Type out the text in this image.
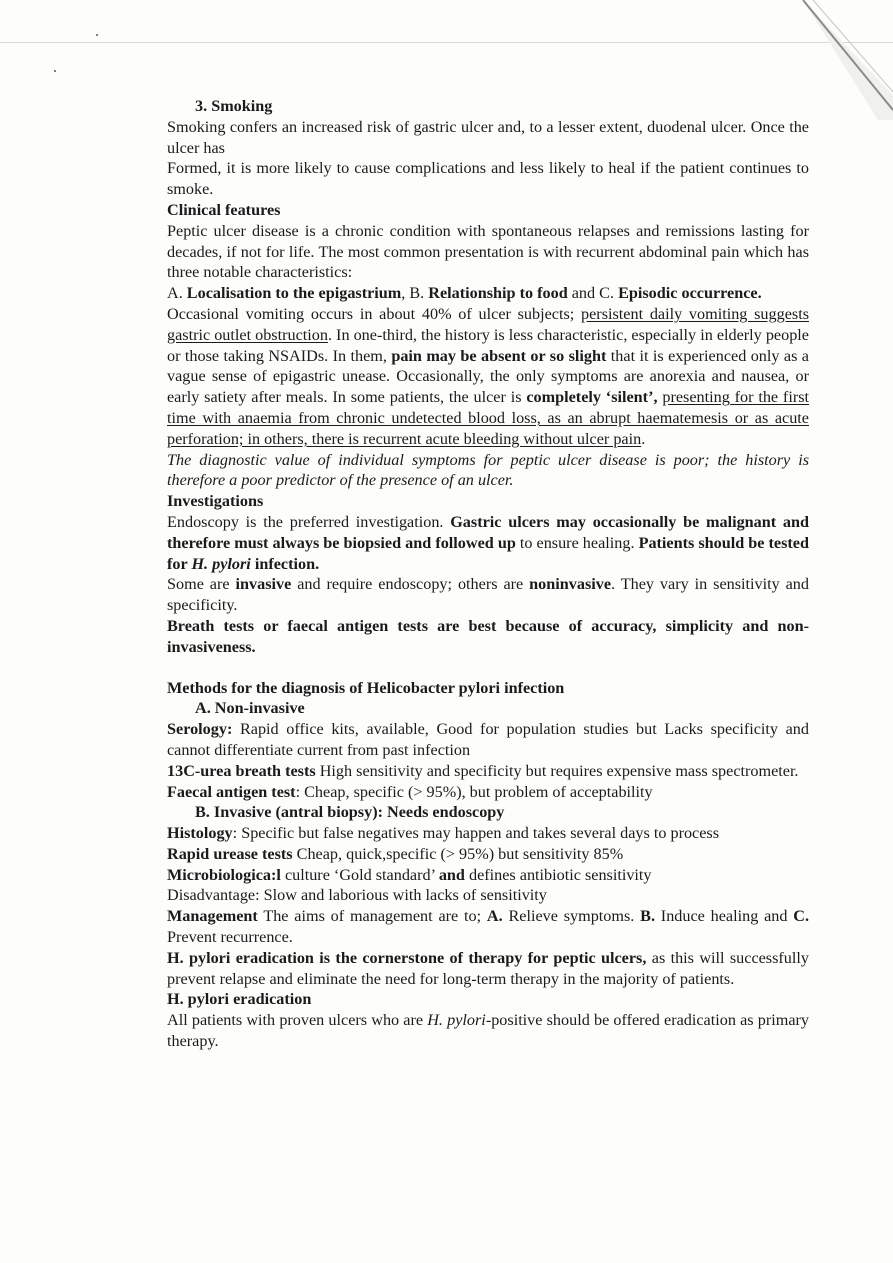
3. Smoking

Smoking confers an increased risk of gastric ulcer and, to a lesser extent, duodenal ulcer. Once the ulcer has

Formed, it is more likely to cause complications and less likely to heal if the patient continues to smoke.

Clinical features

Peptic ulcer disease is a chronic condition with spontaneous relapses and remissions lasting for decades, if not for life. The most common presentation is with recurrent abdominal pain which has three notable characteristics:

A. Localisation to the epigastrium, B. Relationship to food and C. Episodic occurrence.

Occasional vomiting occurs in about 40% of ulcer subjects; persistent daily vomiting suggests gastric outlet obstruction. In one-third, the history is less characteristic, especially in elderly people or those taking NSAIDs. In them, pain may be absent or so slight that it is experienced only as a vague sense of epigastric unease. Occasionally, the only symptoms are anorexia and nausea, or early satiety after meals. In some patients, the ulcer is completely ‘silent’, presenting for the first time with anaemia from chronic undetected blood loss, as an abrupt haematemesis or as acute perforation; in others, there is recurrent acute bleeding without ulcer pain.

The diagnostic value of individual symptoms for peptic ulcer disease is poor; the history is therefore a poor predictor of the presence of an ulcer.

Investigations

Endoscopy is the preferred investigation. Gastric ulcers may occasionally be malignant and therefore must always be biopsied and followed up to ensure healing. Patients should be tested for H. pylori infection.

Some are invasive and require endoscopy; others are noninvasive. They vary in sensitivity and specificity.

Breath tests or faecal antigen tests are best because of accuracy, simplicity and non-invasiveness.

Methods for the diagnosis of Helicobacter pylori infection
A. Non-invasive

Serology: Rapid office kits, available, Good for population studies but Lacks specificity and cannot differentiate current from past infection

13C-urea breath tests High sensitivity and specificity but requires expensive mass spectrometer.

Faecal antigen test: Cheap, specific (> 95%), but problem of acceptability

B. Invasive (antral biopsy): Needs endoscopy

Histology: Specific but false negatives may happen and takes several days to process

Rapid urease tests Cheap, quick,specific (> 95%) but sensitivity 85%

Microbiologica:l culture ‘Gold standard’ and defines antibiotic sensitivity

Disadvantage: Slow and laborious with lacks of sensitivity

Management The aims of management are to; A. Relieve symptoms. B. Induce healing and C. Prevent recurrence.

H. pylori eradication is the cornerstone of therapy for peptic ulcers, as this will successfully prevent relapse and eliminate the need for long-term therapy in the majority of patients.

H. pylori eradication

All patients with proven ulcers who are H. pylori-positive should be offered eradication as primary therapy.
